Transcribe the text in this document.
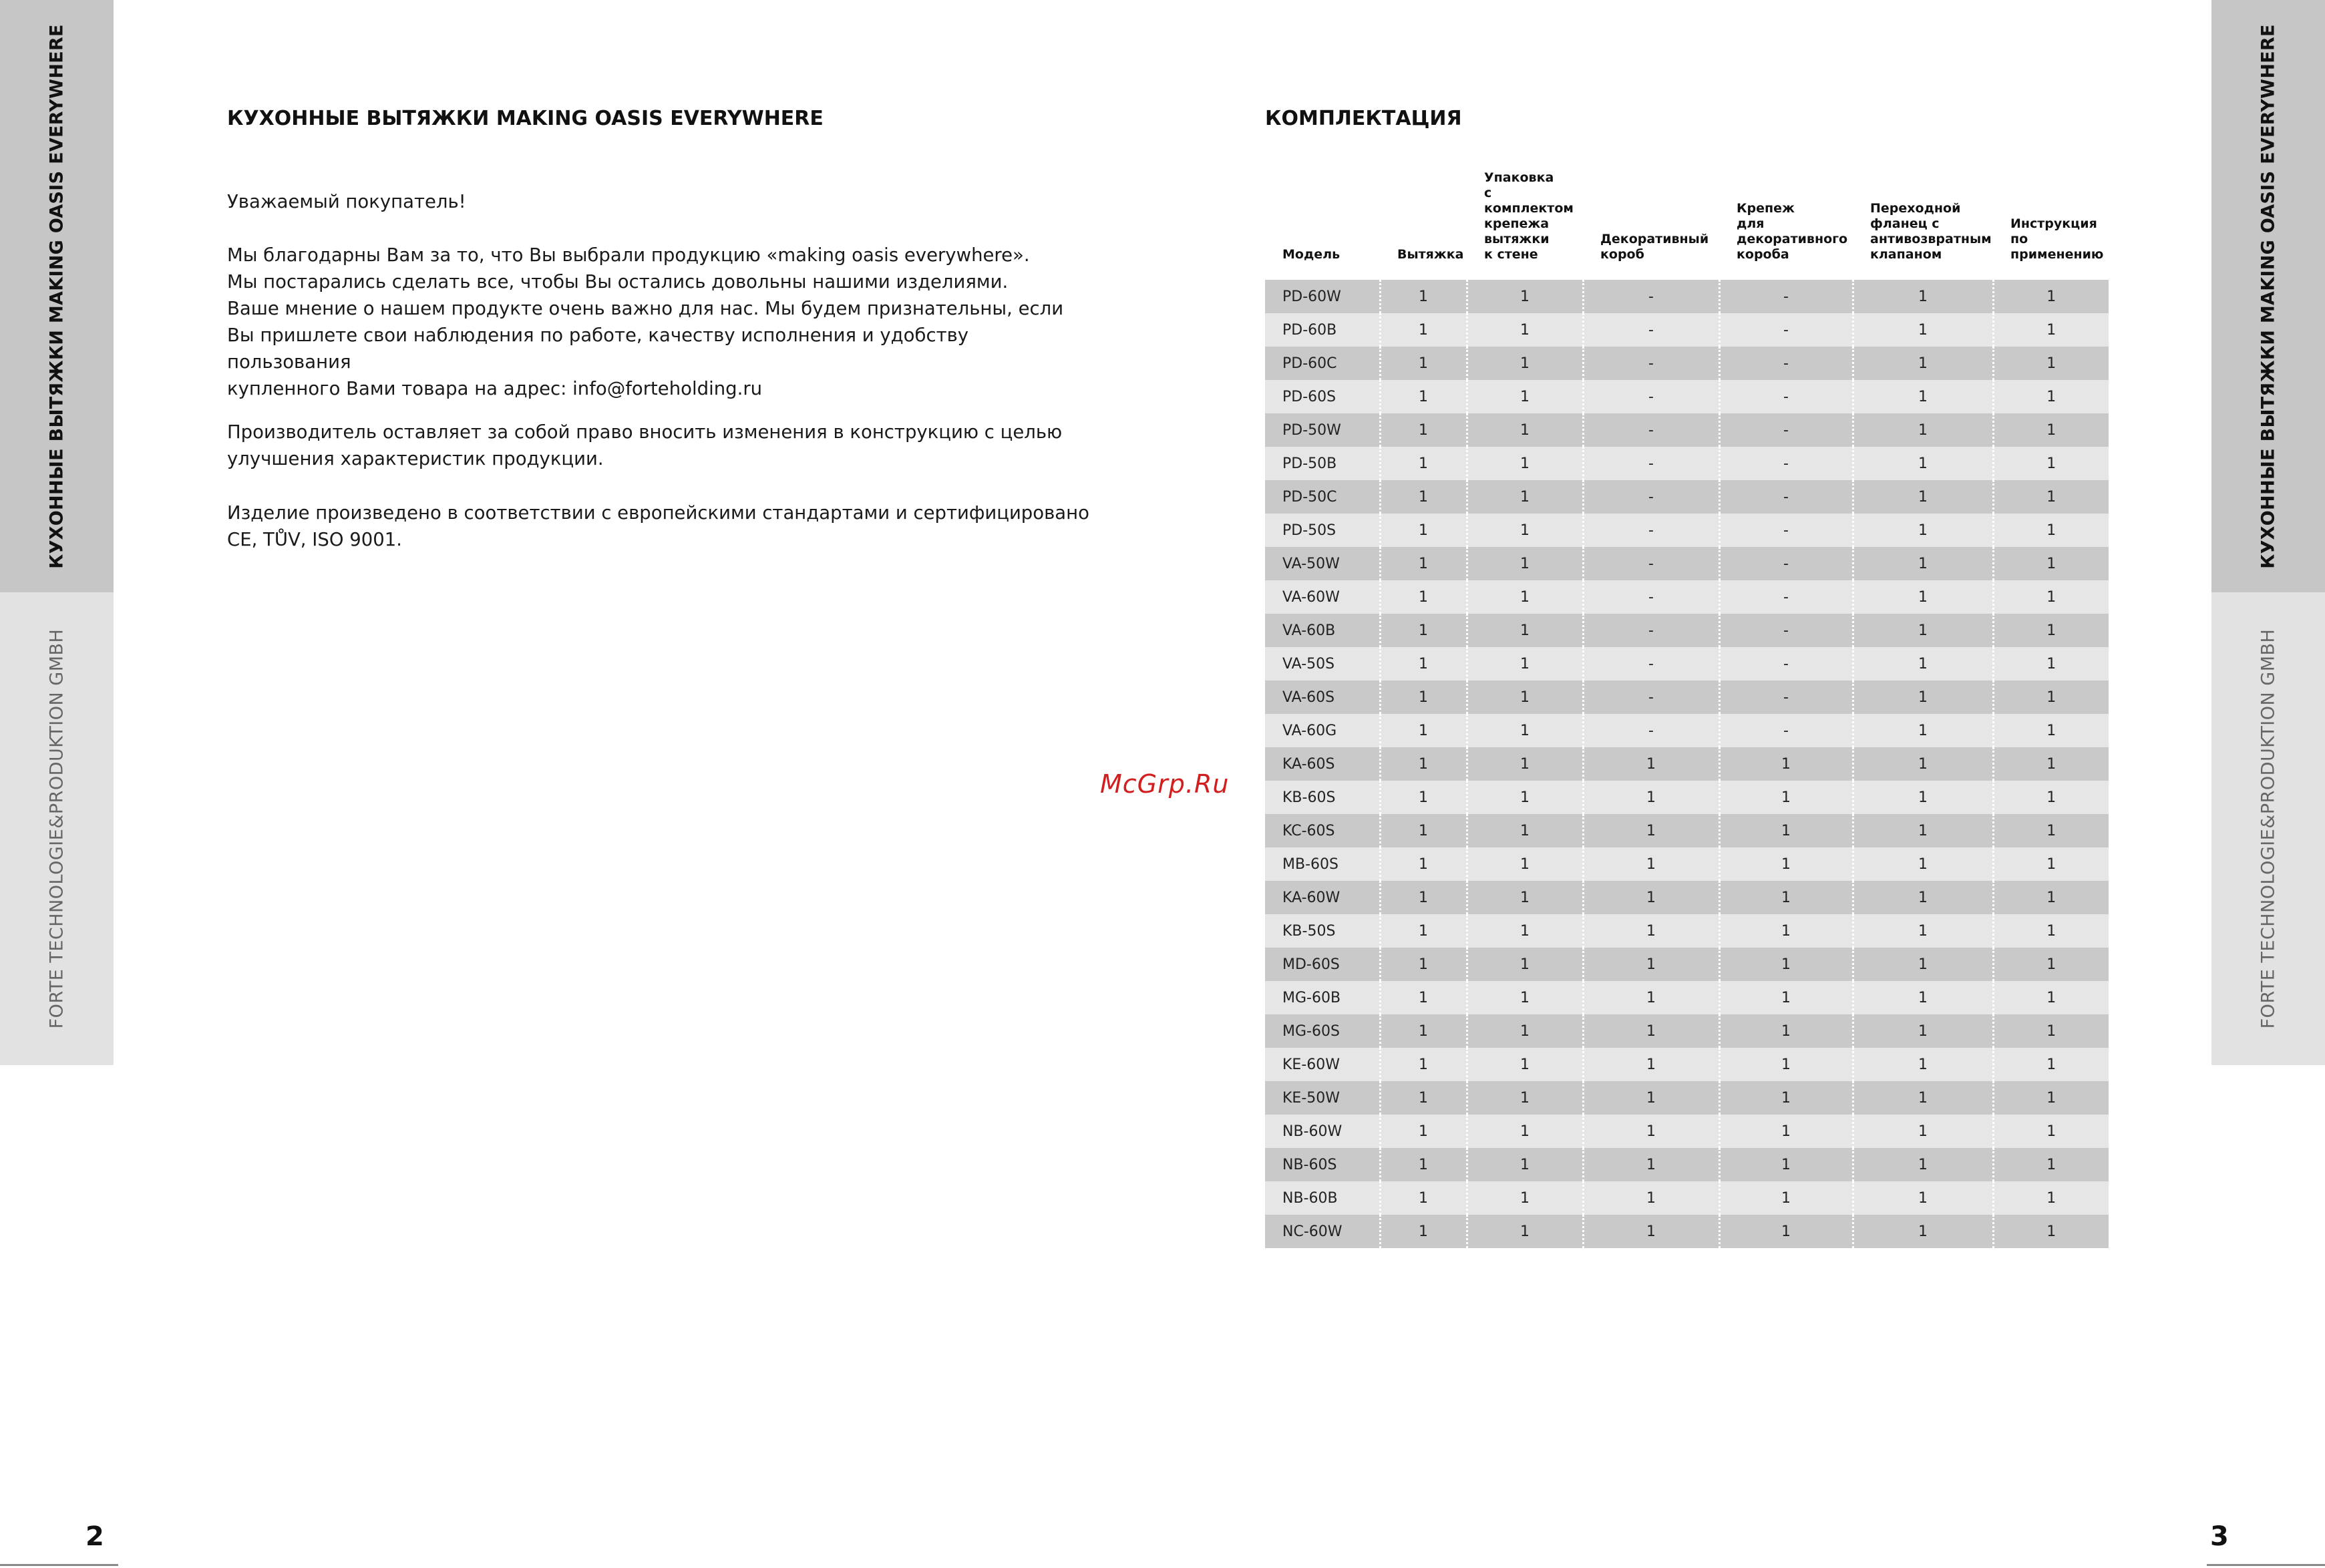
КУХОННЫЕ ВЫТЯЖКИ MAKING OASIS EVERYWHERE
FORTE TECHNOLOGIE&PRODUKTION GMBH
КУХОННЫЕ ВЫТЯЖКИ MAKING OASIS EVERYWHERE
FORTE TECHNOLOGIE&PRODUKTION GMBH
КУХОННЫЕ ВЫТЯЖКИ MAKING OASIS EVERYWHERE

Уважаемый покупатель!

Мы благодарны Вам за то, что Вы выбрали продукцию «making oasis everywhere».
Мы постарались сделать все, чтобы Вы остались довольны нашими изделиями.
Ваше мнение о нашем продукте очень важно для нас. Мы будем признательны, если
Вы пришлете свои наблюдения по работе, качеству исполнения и удобству пользования
купленного Вами товара на адрес: info@forteholding.ru
Производитель оставляет за собой право вносить изменения в конструкцию с целью
улучшения характеристик продукции.
Изделие произведено в соответствии с европейскими стандартами и сертифицировано
CE, TŮV, ISO 9001.
2
McGrp.Ru
КОМПЛЕКТАЦИЯ
Модель	Вытяжка	Упаковка
с комплектом
крепежа
вытяжки
к стене	Декоративный
короб	Крепеж
для
декоративного
короба	Переходной
фланец с
антивозвратным
клапаном	Инструкция
по
применению
PD-60W	1	1	-	-	1	1
PD-60B	1	1	-	-	1	1
PD-60C	1	1	-	-	1	1
PD-60S	1	1	-	-	1	1
PD-50W	1	1	-	-	1	1
PD-50B	1	1	-	-	1	1
PD-50C	1	1	-	-	1	1
PD-50S	1	1	-	-	1	1
VA-50W	1	1	-	-	1	1
VA-60W	1	1	-	-	1	1
VA-60B	1	1	-	-	1	1
VA-50S	1	1	-	-	1	1
VA-60S	1	1	-	-	1	1
VA-60G	1	1	-	-	1	1
KA-60S	1	1	1	1	1	1
KB-60S	1	1	1	1	1	1
KC-60S	1	1	1	1	1	1
MB-60S	1	1	1	1	1	1
KA-60W	1	1	1	1	1	1
KB-50S	1	1	1	1	1	1
MD-60S	1	1	1	1	1	1
MG-60B	1	1	1	1	1	1
MG-60S	1	1	1	1	1	1
KE-60W	1	1	1	1	1	1
KE-50W	1	1	1	1	1	1
NB-60W	1	1	1	1	1	1
NB-60S	1	1	1	1	1	1
NB-60B	1	1	1	1	1	1
NC-60W	1	1	1	1	1	1
3
